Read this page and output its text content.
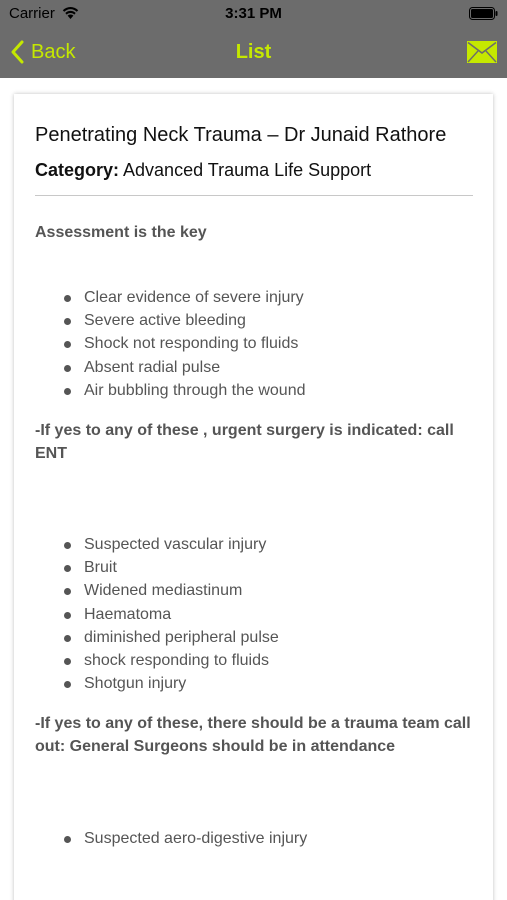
Carrier	3:31 PM
Back	List
Penetrating Neck Trauma – Dr Junaid Rathore
Category: Advanced Trauma Life Support

Assessment is the key

Clear evidence of severe injury
Severe active bleeding
Shock not responding to fluids
Absent radial pulse
Air bubbling through the wound

-If yes to any of these , urgent surgery is indicated: call ENT

Suspected vascular injury
Bruit
Widened mediastinum
Haematoma
diminished peripheral pulse
shock responding to fluids
Shotgun injury

-If yes to any of these, there should be a trauma team call out: General Surgeons should be in attendance

Suspected aero-digestive injury
